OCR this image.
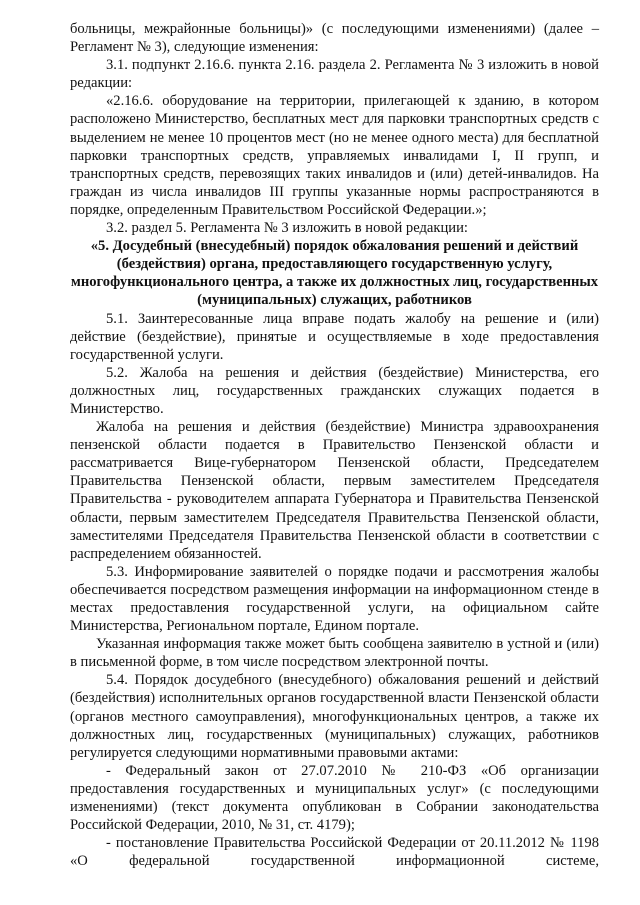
больницы, межрайонные больницы)» (с последующими изменениями) (далее – Регламент № 3), следующие изменения:

3.1. подпункт 2.16.6. пункта 2.16. раздела 2. Регламента № 3 изложить в новой редакции:

«2.16.6. оборудование на территории, прилегающей к зданию, в котором расположено Министерство, бесплатных мест для парковки транспортных средств с выделением не менее 10 процентов мест (но не менее одного места) для бесплатной парковки транспортных средств, управляемых инвалидами I, II групп, и транспортных средств, перевозящих таких инвалидов и (или) детей-инвалидов. На граждан из числа инвалидов III группы указанные нормы распространяются в порядке, определенным Правительством Российской Федерации.»;

3.2. раздел 5. Регламента № 3 изложить в новой редакции:

«5. Досудебный (внесудебный) порядок обжалования решений и действий (бездействия) органа, предоставляющего государственную услугу, многофункционального центра, а также их должностных лиц, государственных (муниципальных) служащих, работников

5.1. Заинтересованные лица вправе подать жалобу на решение и (или) действие (бездействие), принятые и осуществляемые в ходе предоставления государственной услуги.

5.2. Жалоба на решения и действия (бездействие) Министерства, его должностных лиц, государственных гражданских служащих подается в Министерство.

Жалоба на решения и действия (бездействие) Министра здравоохранения пензенской области подается в Правительство Пензенской области и рассматривается Вице-губернатором Пензенской области, Председателем Правительства Пензенской области, первым заместителем Председателя Правительства - руководителем аппарата Губернатора и Правительства Пензенской области, первым заместителем Председателя Правительства Пензенской области, заместителями Председателя Правительства Пензенской области в соответствии с распределением обязанностей.

5.3. Информирование заявителей о порядке подачи и рассмотрения жалобы обеспечивается посредством размещения информации на информационном стенде в местах предоставления государственной услуги, на официальном сайте Министерства, Региональном портале, Едином портале.

Указанная информация также может быть сообщена заявителю в устной и (или) в письменной форме, в том числе посредством электронной почты.

5.4. Порядок досудебного (внесудебного) обжалования решений и действий (бездействия) исполнительных органов государственной власти Пензенской области (органов местного самоуправления), многофункциональных центров, а также их должностных лиц, государственных (муниципальных) служащих, работников регулируется следующими нормативными правовыми актами:

- Федеральный закон от 27.07.2010 № 210-ФЗ «Об организации предоставления государственных и муниципальных услуг» (с последующими изменениями) (текст документа опубликован в Собрании законодательства Российской Федерации, 2010, № 31, ст. 4179);

- постановление Правительства Российской Федерации от 20.11.2012 № 1198 «О федеральной государственной информационной системе,
